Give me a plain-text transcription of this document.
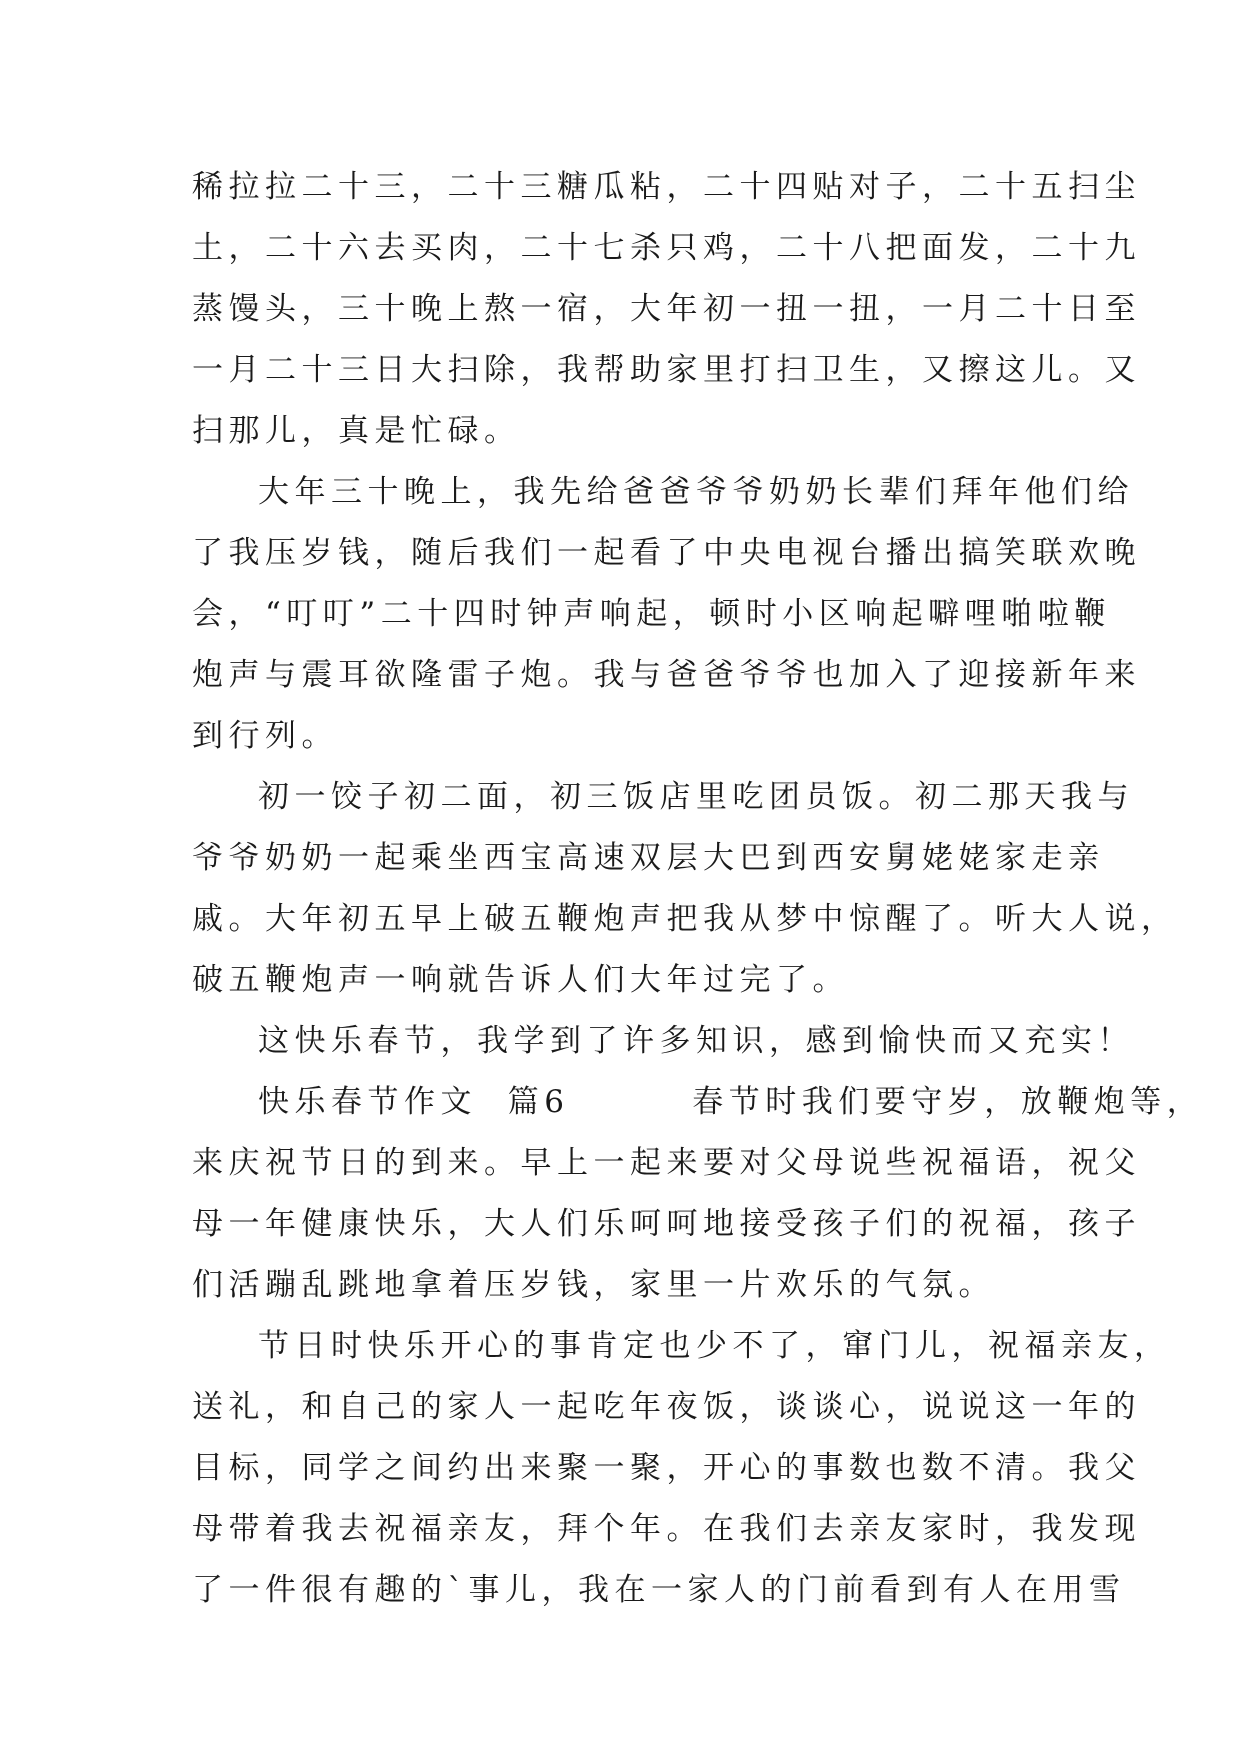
稀拉拉二十三，二十三糖瓜粘，二十四贴对子，二十五扫尘
土，二十六去买肉，二十七杀只鸡，二十八把面发，二十九
蒸馒头，三十晚上熬一宿，大年初一扭一扭，一月二十日至
一月二十三日大扫除，我帮助家里打扫卫生，又擦这儿。又
扫那儿，真是忙碌。
大年三十晚上，我先给爸爸爷爷奶奶长辈们拜年他们给
了我压岁钱，随后我们一起看了中央电视台播出搞笑联欢晚
会，“叮叮”二十四时钟声响起，顿时小区响起噼哩啪啦鞭
炮声与震耳欲隆雷子炮。我与爸爸爷爷也加入了迎接新年来
到行列。
初一饺子初二面，初三饭店里吃团员饭。初二那天我与
爷爷奶奶一起乘坐西宝高速双层大巴到西安舅姥姥家走亲
戚。大年初五早上破五鞭炮声把我从梦中惊醒了。听大人说，
破五鞭炮声一响就告诉人们大年过完了。
这快乐春节，我学到了许多知识，感到愉快而又充实！
快乐春节作文  篇6        春节时我们要守岁，放鞭炮等，
来庆祝节日的到来。早上一起来要对父母说些祝福语，祝父
母一年健康快乐，大人们乐呵呵地接受孩子们的祝福，孩子
们活蹦乱跳地拿着压岁钱，家里一片欢乐的气氛。
节日时快乐开心的事肯定也少不了，窜门儿，祝福亲友，
送礼，和自己的家人一起吃年夜饭，谈谈心，说说这一年的
目标，同学之间约出来聚一聚，开心的事数也数不清。我父
母带着我去祝福亲友，拜个年。在我们去亲友家时，我发现
了一件很有趣的`事儿，我在一家人的门前看到有人在用雪
